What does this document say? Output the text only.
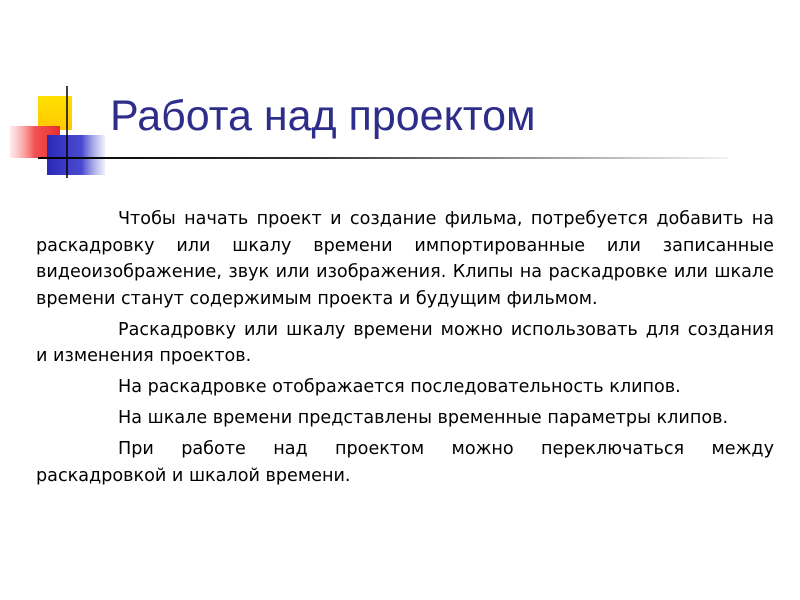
Работа над проектом

Чтобы начать проект и создание фильма, потребуется добавить на раскадровку или шкалу времени импортированные или записанные видеоизображение, звук или изображения. Клипы на раскадровке или шкале времени станут содержимым проекта и будущим фильмом.

Раскадровку или шкалу времени можно использовать для создания и изменения проектов.

На раскадровке отображается последовательность клипов.

На шкале времени представлены временные параметры клипов.

При работе над проектом можно переключаться между раскадровкой и шкалой времени.
